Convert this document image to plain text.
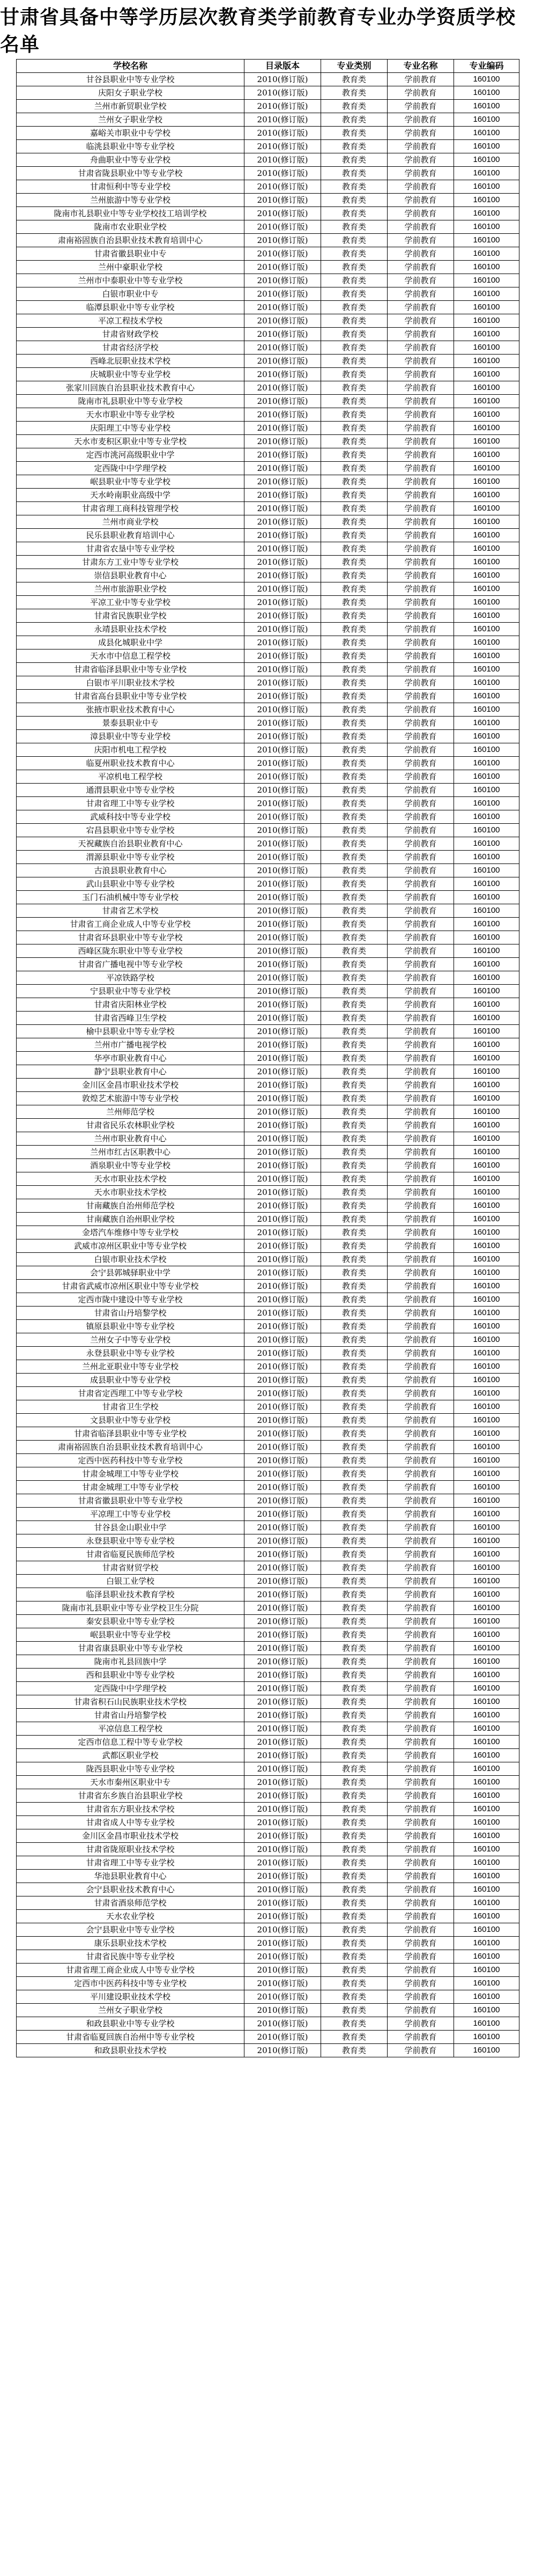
甘肃省具备中等学历层次教育类学前教育专业办学资质学校名单
学校名称	目录版本	专业类别	专业名称	专业编码
甘谷县职业中等专业学校	2010(修订版)	教育类	学前教育	160100
庆阳女子职业学校	2010(修订版)	教育类	学前教育	160100
兰州市新贸职业学校	2010(修订版)	教育类	学前教育	160100
兰州女子职业学校	2010(修订版)	教育类	学前教育	160100
嘉峪关市职业中专学校	2010(修订版)	教育类	学前教育	160100
临洮县职业中等专业学校	2010(修订版)	教育类	学前教育	160100
舟曲职业中等专业学校	2010(修订版)	教育类	学前教育	160100
甘肃省陇县职业中等专业学校	2010(修订版)	教育类	学前教育	160100
甘肃恒利中等专业学校	2010(修订版)	教育类	学前教育	160100
兰州旅游中等专业学校	2010(修订版)	教育类	学前教育	160100
陇南市礼县职业中等专业学校技工培训学校	2010(修订版)	教育类	学前教育	160100
陇南市农业职业学校	2010(修订版)	教育类	学前教育	160100
肃南裕固族自治县职业技术教育培训中心	2010(修订版)	教育类	学前教育	160100
甘肃省徽县职业中专	2010(修订版)	教育类	学前教育	160100
兰州中豪职业学校	2010(修订版)	教育类	学前教育	160100
兰州市中泰职业中等专业学校	2010(修订版)	教育类	学前教育	160100
白银市职业中专	2010(修订版)	教育类	学前教育	160100
临潭县职业中等专业学校	2010(修订版)	教育类	学前教育	160100
平凉工程技术学校	2010(修订版)	教育类	学前教育	160100
甘肃省财政学校	2010(修订版)	教育类	学前教育	160100
甘肃省经济学校	2010(修订版)	教育类	学前教育	160100
西峰北辰职业技术学校	2010(修订版)	教育类	学前教育	160100
庆城职业中等专业学校	2010(修订版)	教育类	学前教育	160100
张家川回族自治县职业技术教育中心	2010(修订版)	教育类	学前教育	160100
陇南市礼县职业中等专业学校	2010(修订版)	教育类	学前教育	160100
天水市职业中等专业学校	2010(修订版)	教育类	学前教育	160100
庆阳理工中等专业学校	2010(修订版)	教育类	学前教育	160100
天水市麦积区职业中等专业学校	2010(修订版)	教育类	学前教育	160100
定西市洮河高级职业中学	2010(修订版)	教育类	学前教育	160100
定西陇中中学理学校	2010(修订版)	教育类	学前教育	160100
岷县职业中等专业学校	2010(修订版)	教育类	学前教育	160100
天水岭南职业高级中学	2010(修订版)	教育类	学前教育	160100
甘肃省理工商科技管理学校	2010(修订版)	教育类	学前教育	160100
兰州市商业学校	2010(修订版)	教育类	学前教育	160100
民乐县职业教育培训中心	2010(修订版)	教育类	学前教育	160100
甘肃省农垦中等专业学校	2010(修订版)	教育类	学前教育	160100
甘肃东方工业中等专业学校	2010(修订版)	教育类	学前教育	160100
崇信县职业教育中心	2010(修订版)	教育类	学前教育	160100
兰州市旅游职业学校	2010(修订版)	教育类	学前教育	160100
平凉工业中等专业学校	2010(修订版)	教育类	学前教育	160100
甘肃省民族职业学校	2010(修订版)	教育类	学前教育	160100
永靖县职业技术学校	2010(修订版)	教育类	学前教育	160100
成县化城职业中学	2010(修订版)	教育类	学前教育	160100
天水市中信息工程学校	2010(修订版)	教育类	学前教育	160100
甘肃省临泽县职业中等专业学校	2010(修订版)	教育类	学前教育	160100
白银市平川职业技术学校	2010(修订版)	教育类	学前教育	160100
甘肃省高台县职业中等专业学校	2010(修订版)	教育类	学前教育	160100
张掖市职业技术教育中心	2010(修订版)	教育类	学前教育	160100
景泰县职业中专	2010(修订版)	教育类	学前教育	160100
漳县职业中等专业学校	2010(修订版)	教育类	学前教育	160100
庆阳市机电工程学校	2010(修订版)	教育类	学前教育	160100
临夏州职业技术教育中心	2010(修订版)	教育类	学前教育	160100
平凉机电工程学校	2010(修订版)	教育类	学前教育	160100
通渭县职业中等专业学校	2010(修订版)	教育类	学前教育	160100
甘肃省理工中等专业学校	2010(修订版)	教育类	学前教育	160100
武威科技中等专业学校	2010(修订版)	教育类	学前教育	160100
宕昌县职业中等专业学校	2010(修订版)	教育类	学前教育	160100
天祝藏族自治县职业教育中心	2010(修订版)	教育类	学前教育	160100
渭源县职业中等专业学校	2010(修订版)	教育类	学前教育	160100
古浪县职业教育中心	2010(修订版)	教育类	学前教育	160100
武山县职业中等专业学校	2010(修订版)	教育类	学前教育	160100
玉门石油机械中等专业学校	2010(修订版)	教育类	学前教育	160100
甘肃省艺术学校	2010(修订版)	教育类	学前教育	160100
甘肃省工商企业成人中等专业学校	2010(修订版)	教育类	学前教育	160100
甘肃省环县职业中等专业学校	2010(修订版)	教育类	学前教育	160100
西峰区陇东职业中等专业学校	2010(修订版)	教育类	学前教育	160100
甘肃省广播电视中等专业学校	2010(修订版)	教育类	学前教育	160100
平凉铁路学校	2010(修订版)	教育类	学前教育	160100
宁县职业中等专业学校	2010(修订版)	教育类	学前教育	160100
甘肃省庆阳林业学校	2010(修订版)	教育类	学前教育	160100
甘肃省西峰卫生学校	2010(修订版)	教育类	学前教育	160100
榆中县职业中等专业学校	2010(修订版)	教育类	学前教育	160100
兰州市广播电视学校	2010(修订版)	教育类	学前教育	160100
华亭市职业教育中心	2010(修订版)	教育类	学前教育	160100
静宁县职业教育中心	2010(修订版)	教育类	学前教育	160100
金川区金昌市职业技术学校	2010(修订版)	教育类	学前教育	160100
敦煌艺术旅游中等专业学校	2010(修订版)	教育类	学前教育	160100
兰州师范学校	2010(修订版)	教育类	学前教育	160100
甘肃省民乐农林职业学校	2010(修订版)	教育类	学前教育	160100
兰州市职业教育中心	2010(修订版)	教育类	学前教育	160100
兰州市红古区职教中心	2010(修订版)	教育类	学前教育	160100
酒泉职业中等专业学校	2010(修订版)	教育类	学前教育	160100
天水市职业技术学校	2010(修订版)	教育类	学前教育	160100
天水市职业技术学校	2010(修订版)	教育类	学前教育	160100
甘南藏族自治州师范学校	2010(修订版)	教育类	学前教育	160100
甘南藏族自治州职业学校	2010(修订版)	教育类	学前教育	160100
金塔汽车维修中等专业学校	2010(修订版)	教育类	学前教育	160100
武威市凉州区职业中等专业学校	2010(修订版)	教育类	学前教育	160100
白银市职业技术学校	2010(修订版)	教育类	学前教育	160100
会宁县郭城驿职业中学	2010(修订版)	教育类	学前教育	160100
甘肃省武威市凉州区职业中等专业学校	2010(修订版)	教育类	学前教育	160100
定西市陇中建设中等专业学校	2010(修订版)	教育类	学前教育	160100
甘肃省山丹培黎学校	2010(修订版)	教育类	学前教育	160100
镇原县职业中等专业学校	2010(修订版)	教育类	学前教育	160100
兰州女子中等专业学校	2010(修订版)	教育类	学前教育	160100
永登县职业中等专业学校	2010(修订版)	教育类	学前教育	160100
兰州北亚职业中等专业学校	2010(修订版)	教育类	学前教育	160100
成县职业中等专业学校	2010(修订版)	教育类	学前教育	160100
甘肃省定西理工中等专业学校	2010(修订版)	教育类	学前教育	160100
甘肃省卫生学校	2010(修订版)	教育类	学前教育	160100
文县职业中等专业学校	2010(修订版)	教育类	学前教育	160100
甘肃省临泽县职业中等专业学校	2010(修订版)	教育类	学前教育	160100
肃南裕固族自治县职业技术教育培训中心	2010(修订版)	教育类	学前教育	160100
定西中医药科技中等专业学校	2010(修订版)	教育类	学前教育	160100
甘肃金城理工中等专业学校	2010(修订版)	教育类	学前教育	160100
甘肃金城理工中等专业学校	2010(修订版)	教育类	学前教育	160100
甘肃省徽县职业中等专业学校	2010(修订版)	教育类	学前教育	160100
平凉理工中等专业学校	2010(修订版)	教育类	学前教育	160100
甘谷县金山职业中学	2010(修订版)	教育类	学前教育	160100
永登县职业中等专业学校	2010(修订版)	教育类	学前教育	160100
甘肃省临夏民族师范学校	2010(修订版)	教育类	学前教育	160100
甘肃省财贸学校	2010(修订版)	教育类	学前教育	160100
白银工业学校	2010(修订版)	教育类	学前教育	160100
临泽县职业技术教育学校	2010(修订版)	教育类	学前教育	160100
陇南市礼县职业中等专业学校卫生分院	2010(修订版)	教育类	学前教育	160100
秦安县职业中等专业学校	2010(修订版)	教育类	学前教育	160100
岷县职业中等专业学校	2010(修订版)	教育类	学前教育	160100
甘肃省康县职业中等专业学校	2010(修订版)	教育类	学前教育	160100
陇南市礼县回族中学	2010(修订版)	教育类	学前教育	160100
西和县职业中等专业学校	2010(修订版)	教育类	学前教育	160100
定西陇中中学理学校	2010(修订版)	教育类	学前教育	160100
甘肃省积石山民族职业技术学校	2010(修订版)	教育类	学前教育	160100
甘肃省山丹培黎学校	2010(修订版)	教育类	学前教育	160100
平凉信息工程学校	2010(修订版)	教育类	学前教育	160100
定西市信息工程中等专业学校	2010(修订版)	教育类	学前教育	160100
武都区职业学校	2010(修订版)	教育类	学前教育	160100
陇西县职业中等专业学校	2010(修订版)	教育类	学前教育	160100
天水市秦州区职业中专	2010(修订版)	教育类	学前教育	160100
甘肃省东乡族自治县职业学校	2010(修订版)	教育类	学前教育	160100
甘肃省东方职业技术学校	2010(修订版)	教育类	学前教育	160100
甘肃省成人中等专业学校	2010(修订版)	教育类	学前教育	160100
金川区金昌市职业技术学校	2010(修订版)	教育类	学前教育	160100
甘肃省陇原职业技术学校	2010(修订版)	教育类	学前教育	160100
甘肃省理工中等专业学校	2010(修订版)	教育类	学前教育	160100
华池县职业教育中心	2010(修订版)	教育类	学前教育	160100
会宁县职业技术教育中心	2010(修订版)	教育类	学前教育	160100
甘肃省酒泉师范学校	2010(修订版)	教育类	学前教育	160100
天水农业学校	2010(修订版)	教育类	学前教育	160100
会宁县职业中等专业学校	2010(修订版)	教育类	学前教育	160100
康乐县职业技术学校	2010(修订版)	教育类	学前教育	160100
甘肃省民族中等专业学校	2010(修订版)	教育类	学前教育	160100
甘肃省理工商企业成人中等专业学校	2010(修订版)	教育类	学前教育	160100
定西市中医药科技中等专业学校	2010(修订版)	教育类	学前教育	160100
平川建设职业技术学校	2010(修订版)	教育类	学前教育	160100
兰州女子职业学校	2010(修订版)	教育类	学前教育	160100
和政县职业中等专业学校	2010(修订版)	教育类	学前教育	160100
甘肃省临夏回族自治州中等专业学校	2010(修订版)	教育类	学前教育	160100
和政县职业技术学校	2010(修订版)	教育类	学前教育	160100
